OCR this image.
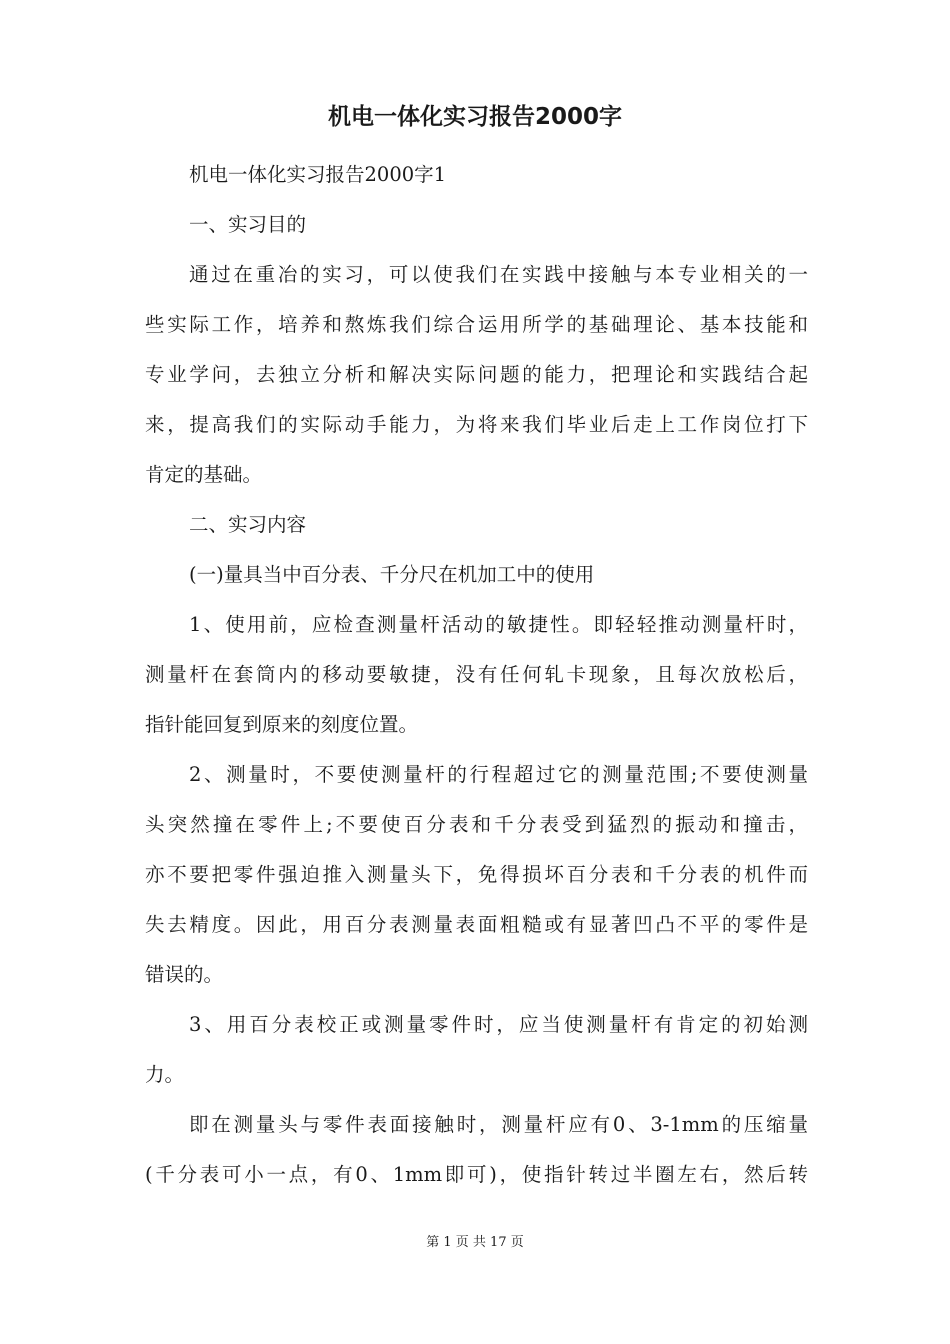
机电一体化实习报告2000字
机电一体化实习报告2000字1
一、实习目的
通过在重冶的实习，可以使我们在实践中接触与本专业相关的一
些实际工作，培养和熬炼我们综合运用所学的基础理论、基本技能和
专业学问，去独立分析和解决实际问题的能力，把理论和实践结合起
来，提高我们的实际动手能力，为将来我们毕业后走上工作岗位打下
肯定的基础。
二、实习内容
(一)量具当中百分表、千分尺在机加工中的使用
1、使用前，应检查测量杆活动的敏捷性。即轻轻推动测量杆时，
测量杆在套筒内的移动要敏捷，没有任何轧卡现象，且每次放松后，
指针能回复到原来的刻度位置。
2、测量时，不要使测量杆的行程超过它的测量范围;不要使测量
头突然撞在零件上;不要使百分表和千分表受到猛烈的振动和撞击，
亦不要把零件强迫推入测量头下，免得损坏百分表和千分表的机件而
失去精度。因此，用百分表测量表面粗糙或有显著凹凸不平的零件是
错误的。
3、用百分表校正或测量零件时，应当使测量杆有肯定的初始测
力。
即在测量头与零件表面接触时，测量杆应有0、3-1mm的压缩量
(千分表可小一点，有0、1mm即可)，使指针转过半圈左右，然后转
第 1 页 共 17 页
